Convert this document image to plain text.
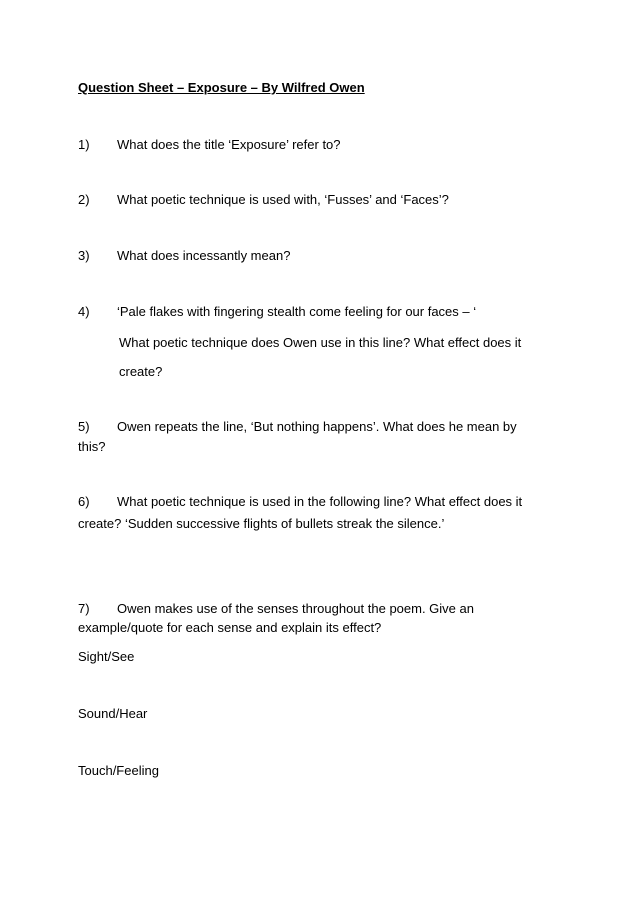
Question Sheet – Exposure – By Wilfred Owen
1)	What does the title ‘Exposure’ refer to?
2)	What poetic technique is used with, ‘Fusses’ and ‘Faces’?
3)	What does incessantly mean?
4)	‘Pale flakes with fingering stealth come feeling for our faces – ‘
What poetic technique does Owen use in this line? What effect does it
create?
5)	Owen repeats the line, ‘But nothing happens’. What does he mean by
this?
6)	What poetic technique is used in the following line? What effect does it
create? ‘Sudden successive flights of bullets streak the silence.’
7)	Owen makes use of the senses throughout the poem. Give an
example/quote for each sense and explain its effect?
Sight/See
Sound/Hear
Touch/Feeling
